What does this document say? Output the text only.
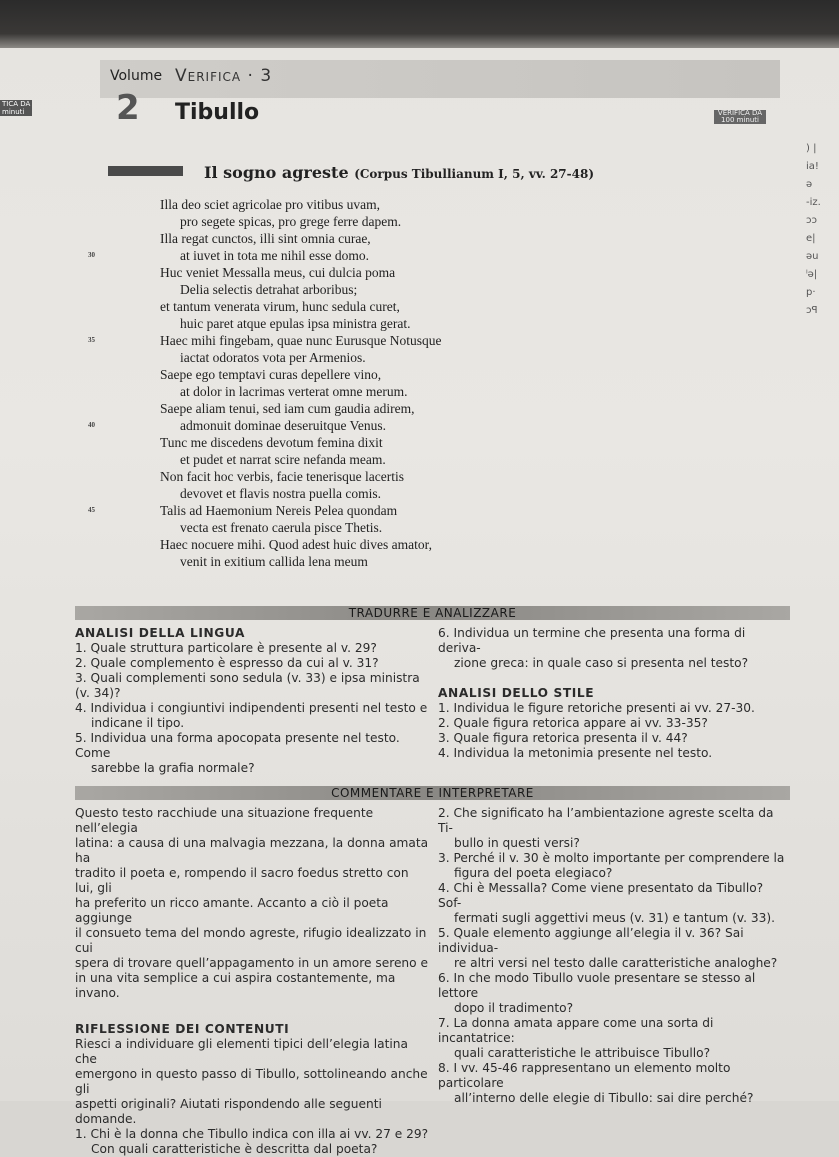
Volume Verifica · 3
TICA DA
minuti	2 Tibullo	VERIFICA DA
100 minuti
) |
ia!
ə
-iz.
ᴐᴐ
e|
əu
ˡə|
p·
ᴐꟼ
Il sogno agreste (Corpus Tibullianum I, 5, vv. 27-48)
Illa deo sciet agricolae pro vitibus uvam,
pro segete spicas, pro grege ferre dapem.
Illa regat cunctos, illi sint omnia curae,
30	at iuvet in tota me nihil esse domo.
Huc veniet Messalla meus, cui dulcia poma
Delia selectis detrahat arboribus;
et tantum venerata virum, hunc sedula curet,
huic paret atque epulas ipsa ministra gerat.
35	Haec mihi fingebam, quae nunc Eurusque Notusque
iactat odoratos vota per Armenios.
Saepe ego temptavi curas depellere vino,
at dolor in lacrimas verterat omne merum.
Saepe aliam tenui, sed iam cum gaudia adirem,
40	admonuit dominae deseruitque Venus.
Tunc me discedens devotum femina dixit
et pudet et narrat scire nefanda meam.
Non facit hoc verbis, facie tenerisque lacertis
devovet et flavis nostra puella comis.
45	Talis ad Haemonium Nereis Pelea quondam
vecta est frenato caerula pisce Thetis.
Haec nocuere mihi. Quod adest huic dives amator,
venit in exitium callida lena meum
TRADURRE E ANALIZZARE

ANALISI DELLA LINGUA

1. Quale struttura particolare è presente al v. 29?

2. Quale complemento è espresso da cui al v. 31?

3. Quali complementi sono sedula (v. 33) e ipsa ministra (v. 34)?

4. Individua i congiuntivi indipendenti presenti nel testo e

indicane il tipo.

5. Individua una forma apocopata presente nel testo. Come

sarebbe la grafia normale?

6. Individua un termine che presenta una forma di deriva-

zione greca: in quale caso si presenta nel testo?

ANALISI DELLO STILE

1. Individua le figure retoriche presenti ai vv. 27-30.

2. Quale figura retorica appare ai vv. 33-35?

3. Quale figura retorica presenta il v. 44?

4. Individua la metonimia presente nel testo.

COMMENTARE E INTERPRETARE

Questo testo racchiude una situazione frequente nell’elegia

latina: a causa di una malvagia mezzana, la donna amata ha

tradito il poeta e, rompendo il sacro foedus stretto con lui, gli

ha preferito un ricco amante. Accanto a ciò il poeta aggiunge

il consueto tema del mondo agreste, rifugio idealizzato in cui

spera di trovare quell’appagamento in un amore sereno e

in una vita semplice a cui aspira costantemente, ma invano.

RIFLESSIONE DEI CONTENUTI

Riesci a individuare gli elementi tipici dell’elegia latina che

emergono in questo passo di Tibullo, sottolineando anche gli

aspetti originali? Aiutati rispondendo alle seguenti domande.

1. Chi è la donna che Tibullo indica con illa ai vv. 27 e 29?

Con quali caratteristiche è descritta dal poeta?

2. Che significato ha l’ambientazione agreste scelta da Ti-

bullo in questi versi?

3. Perché il v. 30 è molto importante per comprendere la

figura del poeta elegiaco?

4. Chi è Messalla? Come viene presentato da Tibullo? Sof-

fermati sugli aggettivi meus (v. 31) e tantum (v. 33).

5. Quale elemento aggiunge all’elegia il v. 36? Sai individua-

re altri versi nel testo dalle caratteristiche analoghe?

6. In che modo Tibullo vuole presentare se stesso al lettore

dopo il tradimento?

7. La donna amata appare come una sorta di incantatrice:

quali caratteristiche le attribuisce Tibullo?

8. I vv. 45-46 rappresentano un elemento molto particolare

all’interno delle elegie di Tibullo: sai dire perché?
